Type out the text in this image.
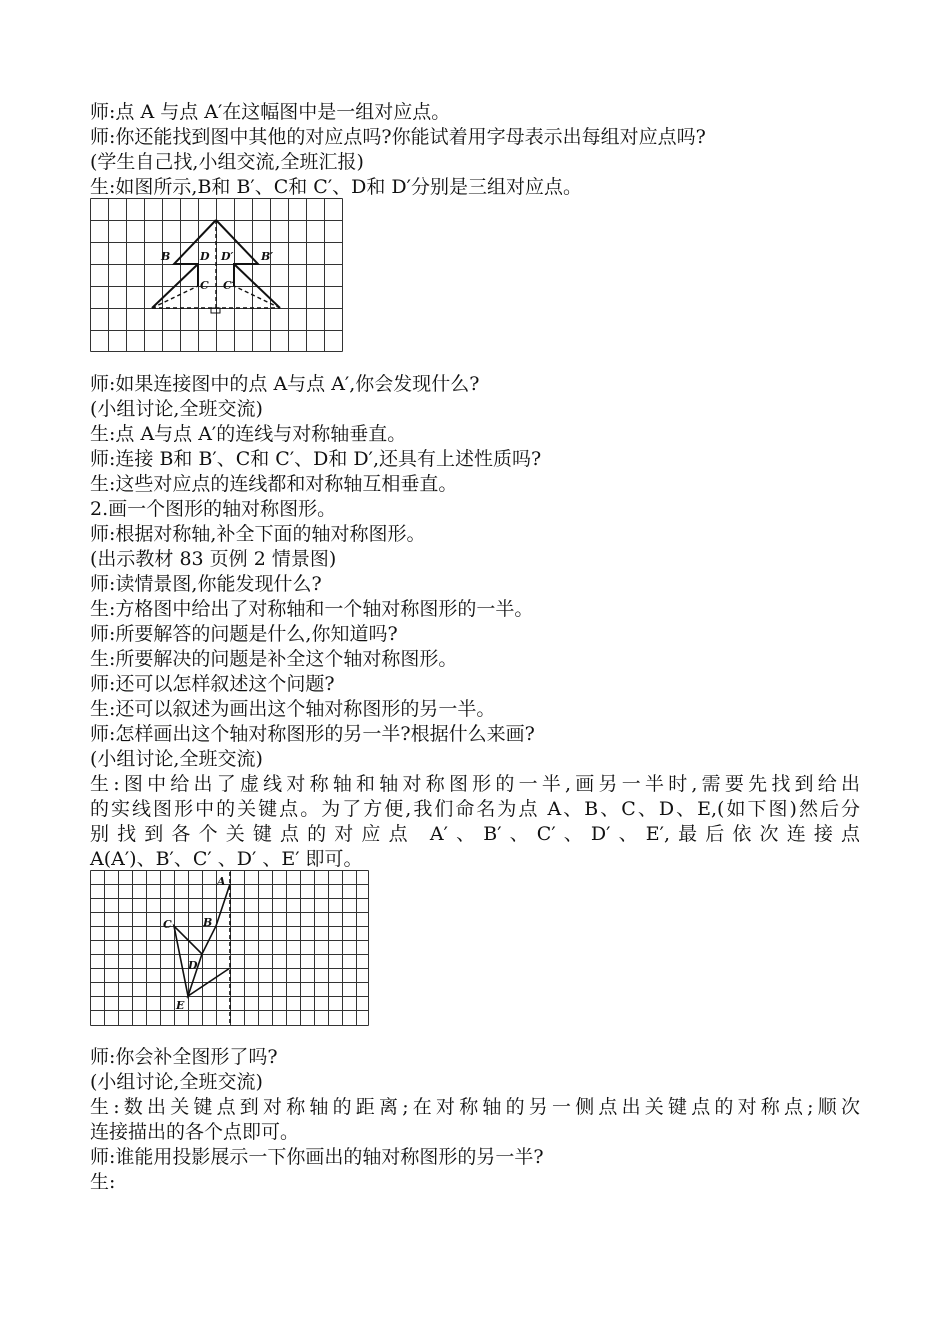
师:点 A 与点 A′在这幅图中是一组对应点。
师:你还能找到图中其他的对应点吗?你能试着用字母表示出每组对应点吗?
(学生自己找,小组交流,全班汇报)
生:如图所示,B和 B′、C和 C′、D和 D′分别是三组对应点。
B	D D′	B′
C C′
师:如果连接图中的点 A与点 A′,你会发现什么?
(小组讨论,全班交流)
生:点 A与点 A′的连线与对称轴垂直。
师:连接 B和 B′、C和 C′、D和 D′,还具有上述性质吗?
生:这些对应点的连线都和对称轴互相垂直。
2.画一个图形的轴对称图形。
师:根据对称轴,补全下面的轴对称图形。
(出示教材 83 页例 2 情景图)
师:读情景图,你能发现什么?
生:方格图中给出了对称轴和一个轴对称图形的一半。
师:所要解答的问题是什么,你知道吗?
生:所要解决的问题是补全这个轴对称图形。
师:还可以怎样叙述这个问题?
生:还可以叙述为画出这个轴对称图形的另一半。
师:怎样画出这个轴对称图形的另一半?根据什么来画?
(小组讨论,全班交流)
生:图中给出了虚线对称轴和轴对称图形的一半,画另一半时,需要先找到给出
的实线图形中的关键点。为了方便,我们命名为点 A、B、C、D、E,(如下图)然后分
别找到各个关键点的对应点 A′、B′、C′、D′、E′,最后依次连接点
A(A′)、B′、C′ 、D′ 、E′ 即可。
A
B
C
D
E
师:你会补全图形了吗?
(小组讨论,全班交流)
生:数出关键点到对称轴的距离;在对称轴的另一侧点出关键点的对称点;顺次
连接描出的各个点即可。
师:谁能用投影展示一下你画出的轴对称图形的另一半?
生:
